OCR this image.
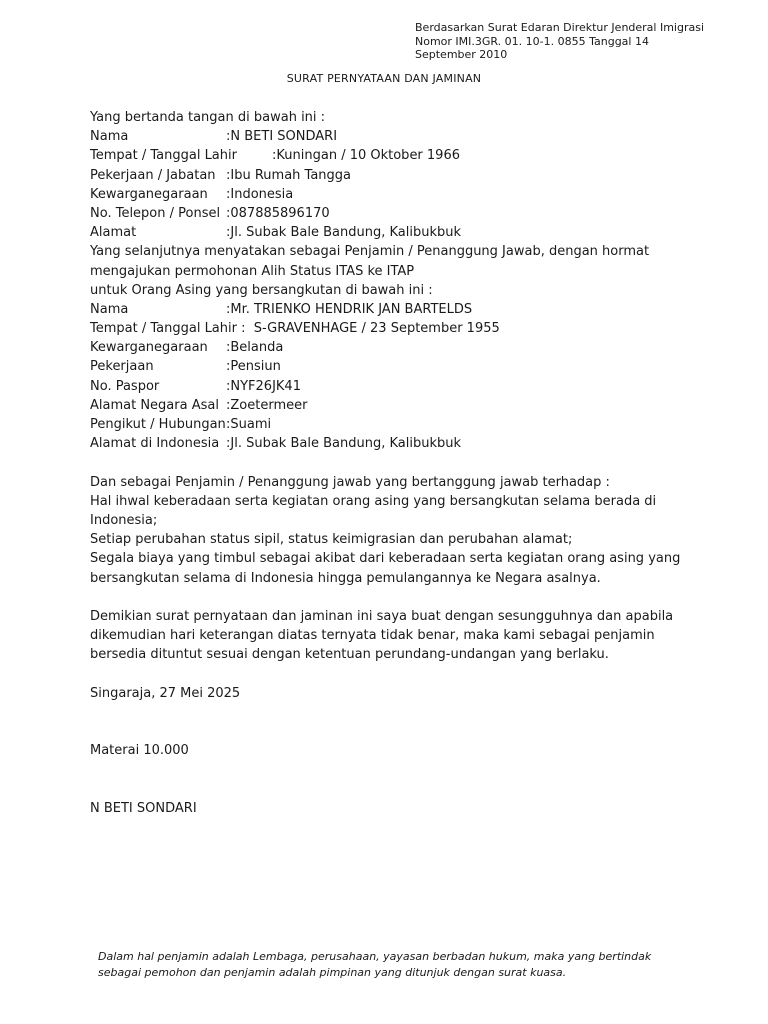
Berdasarkan Surat Edaran Direktur Jenderal Imigrasi
Nomor IMI.3GR. 01. 10-1. 0855 Tanggal 14
September 2010
SURAT PERNYATAAN DAN JAMINAN
Yang bertanda tangan di bawah ini :
Nama	: N BETI SONDARI
Tempat / Tanggal Lahir	: Kuningan / 10 Oktober 1966
Pekerjaan / Jabatan : Ibu Rumah Tangga
Kewarganegaraan	: Indonesia
No. Telepon / Ponsel : 087885896170
Alamat	: Jl. Subak Bale Bandung, Kalibukbuk
Yang selanjutnya menyatakan sebagai Penjamin / Penanggung Jawab, dengan hormat
mengajukan permohonan Alih Status ITAS ke ITAP
untuk Orang Asing yang bersangkutan di bawah ini :
Nama	: Mr. TRIENKO HENDRIK JAN BARTELDS
Tempat / Tanggal Lahir :
S-GRAVENHAGE / 23 September 1955
Kewarganegaraan	: Belanda
Pekerjaan	: Pensiun
No. Paspor	: NYF26JK41
Alamat Negara Asal : Zoetermeer
Pengikut / Hubungan : Suami
Alamat di Indonesia : Jl. Subak Bale Bandung, Kalibukbuk
Dan sebagai Penjamin / Penanggung jawab yang bertanggung jawab terhadap :
Hal ihwal keberadaan serta kegiatan orang asing yang bersangkutan selama berada di
Indonesia;
Setiap perubahan status sipil, status keimigrasian dan perubahan alamat;
Segala biaya yang timbul sebagai akibat dari keberadaan serta kegiatan orang asing yang
bersangkutan selama di Indonesia hingga pemulangannya ke Negara asalnya.
Demikian surat pernyataan dan jaminan ini saya buat dengan sesungguhnya dan apabila
dikemudian hari keterangan diatas ternyata tidak benar, maka kami sebagai penjamin
bersedia dituntut sesuai dengan ketentuan perundang-undangan yang berlaku.
Singaraja, 27 Mei 2025
Materai 10.000
N BETI SONDARI
Dalam hal penjamin adalah Lembaga, perusahaan, yayasan berbadan hukum, maka yang bertindak
sebagai pemohon dan penjamin adalah pimpinan yang ditunjuk dengan surat kuasa.
